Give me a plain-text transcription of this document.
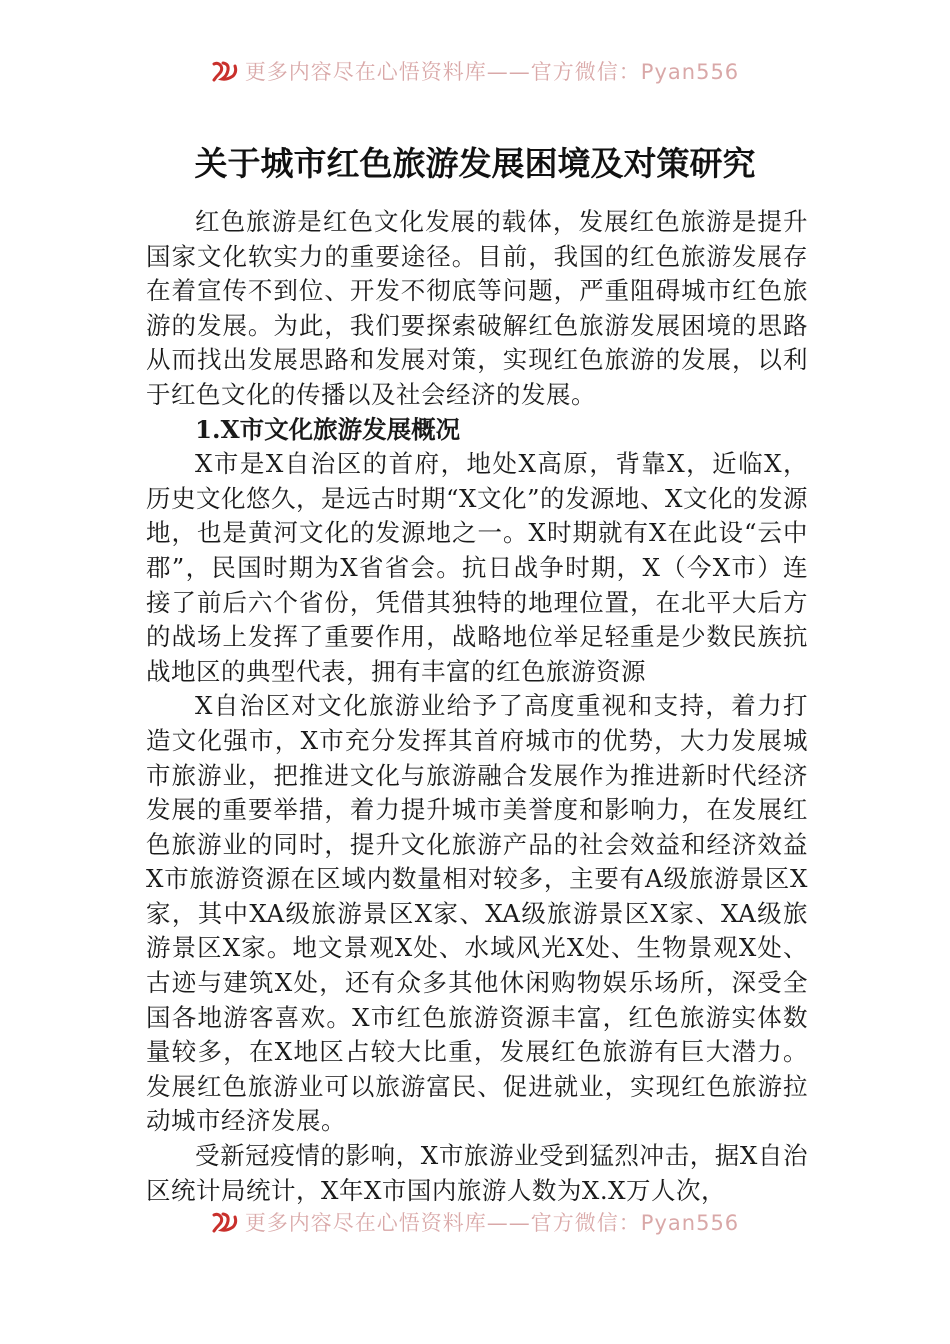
更多内容尽在心悟资料库——官方微信：Pyan556
关于城市红色旅游发展困境及对策研究

红色旅游是红色文化发展的载体，发展红色旅游是提升国家文化软实力的重要途径。目前，我国的红色旅游发展存在着宣传不到位、开发不彻底等问题，严重阻碍城市红色旅游的发展。为此，我们要探索破解红色旅游发展困境的思路从而找出发展思路和发展对策，实现红色旅游的发展，以利于红色文化的传播以及社会经济的发展。

1.X市文化旅游发展概况

X市是X自治区的首府，地处X高原，背靠X，近临X，历史文化悠久，是远古时期“X文化”的发源地、X文化的发源地，也是黄河文化的发源地之一。X时期就有X在此设“云中郡”，民国时期为X省省会。抗日战争时期，X（今X市）连接了前后六个省份，凭借其独特的地理位置，在北平大后方的战场上发挥了重要作用，战略地位举足轻重是少数民族抗战地区的典型代表，拥有丰富的红色旅游资源

X自治区对文化旅游业给予了高度重视和支持，着力打造文化强市，X市充分发挥其首府城市的优势，大力发展城市旅游业，把推进文化与旅游融合发展作为推进新时代经济发展的重要举措，着力提升城市美誉度和影响力，在发展红色旅游业的同时，提升文化旅游产品的社会效益和经济效益X市旅游资源在区域内数量相对较多，主要有A级旅游景区X家，其中XA级旅游景区X家、XA级旅游景区X家、XA级旅游景区X家。地文景观X处、水域风光X处、生物景观X处、古迹与建筑X处，还有众多其他休闲购物娱乐场所，深受全国各地游客喜欢。X市红色旅游资源丰富，红色旅游实体数量较多，在X地区占较大比重，发展红色旅游有巨大潜力。发展红色旅游业可以旅游富民、促进就业，实现红色旅游拉动城市经济发展。

受新冠疫情的影响，X市旅游业受到猛烈冲击，据X自治区统计局统计，X年X市国内旅游人数为X.X万人次，

更多内容尽在心悟资料库——官方微信：Pyan556
